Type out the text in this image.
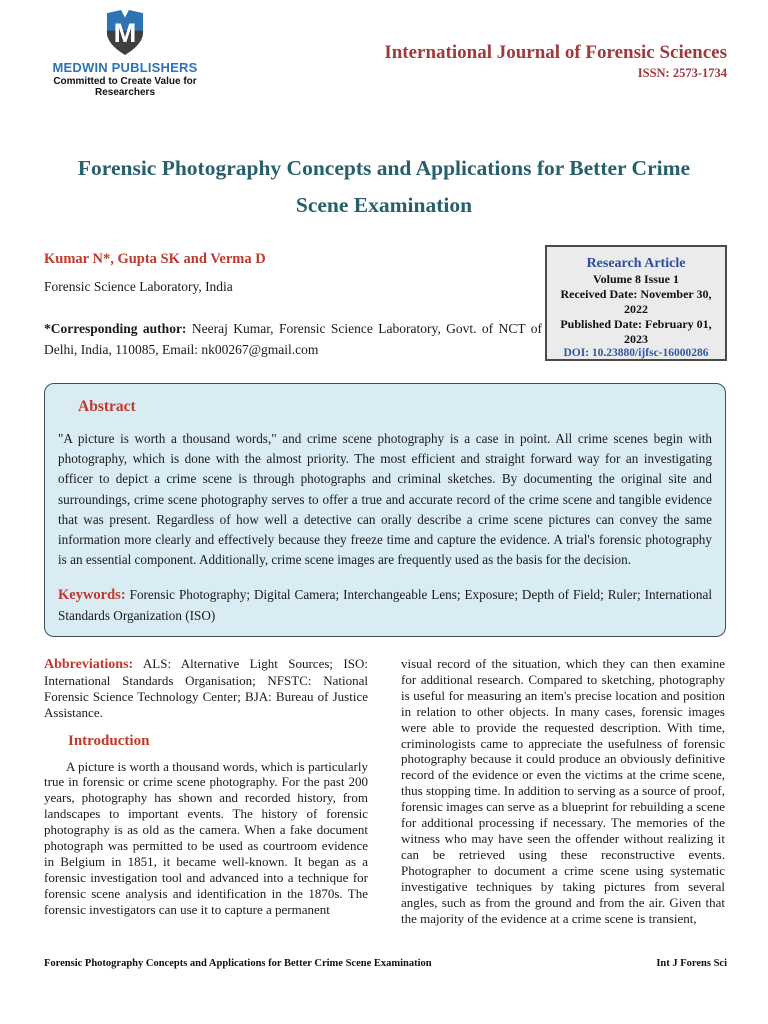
M
MEDWIN PUBLISHERS
Committed to Create Value for Researchers
International Journal of Forensic Sciences
ISSN: 2573-1734
Forensic Photography Concepts and Applications for Better Crime
Scene Examination
Kumar N*, Gupta SK and Verma D
Forensic Science Laboratory, India
*Corresponding author: Neeraj Kumar, Forensic Science Laboratory, Govt. of NCT of Delhi, India, 110085, Email: nk00267@gmail.com
Research Article
Volume 8 Issue 1
Received Date: November 30, 2022
Published Date: February 01, 2023
DOI: 10.23880/ijfsc-16000286
Abstract
"A picture is worth a thousand words," and crime scene photography is a case in point. All crime scenes begin with photography, which is done with the almost priority. The most efficient and straight forward way for an investigating officer to depict a crime scene is through photographs and criminal sketches. By documenting the original site and surroundings, crime scene photography serves to offer a true and accurate record of the crime scene and tangible evidence that was present. Regardless of how well a detective can orally describe a crime scene pictures can convey the same information more clearly and effectively because they freeze time and capture the evidence. A trial's forensic photography is an essential component. Additionally, crime scene images are frequently used as the basis for the decision.
Keywords: Forensic Photography; Digital Camera; Interchangeable Lens; Exposure; Depth of Field; Ruler; International Standards Organization (ISO)
Abbreviations: ALS: Alternative Light Sources; ISO: International Standards Organisation; NFSTC: National Forensic Science Technology Center; BJA: Bureau of Justice Assistance.
Introduction
A picture is worth a thousand words, which is particularly true in forensic or crime scene photography. For the past 200 years, photography has shown and recorded history, from landscapes to important events. The history of forensic photography is as old as the camera. When a fake document photograph was permitted to be used as courtroom evidence in Belgium in 1851, it became well-known. It began as a forensic investigation tool and advanced into a technique for forensic scene analysis and identification in the 1870s. The forensic investigators can use it to capture a permanent
visual record of the situation, which they can then examine for additional research. Compared to sketching, photography is useful for measuring an item's precise location and position in relation to other objects. In many cases, forensic images were able to provide the requested description. With time, criminologists came to appreciate the usefulness of forensic photography because it could produce an obviously definitive record of the evidence or even the victims at the crime scene, thus stopping time. In addition to serving as a source of proof, forensic images can serve as a blueprint for rebuilding a scene for additional processing if necessary. The memories of the witness who may have seen the offender without realizing it can be retrieved using these reconstructive events. Photographer to document a crime scene using systematic investigative techniques by taking pictures from several angles, such as from the ground and from the air. Given that the majority of the evidence at a crime scene is transient,
Forensic Photography Concepts and Applications for Better Crime Scene Examination	Int J Forens Sci
